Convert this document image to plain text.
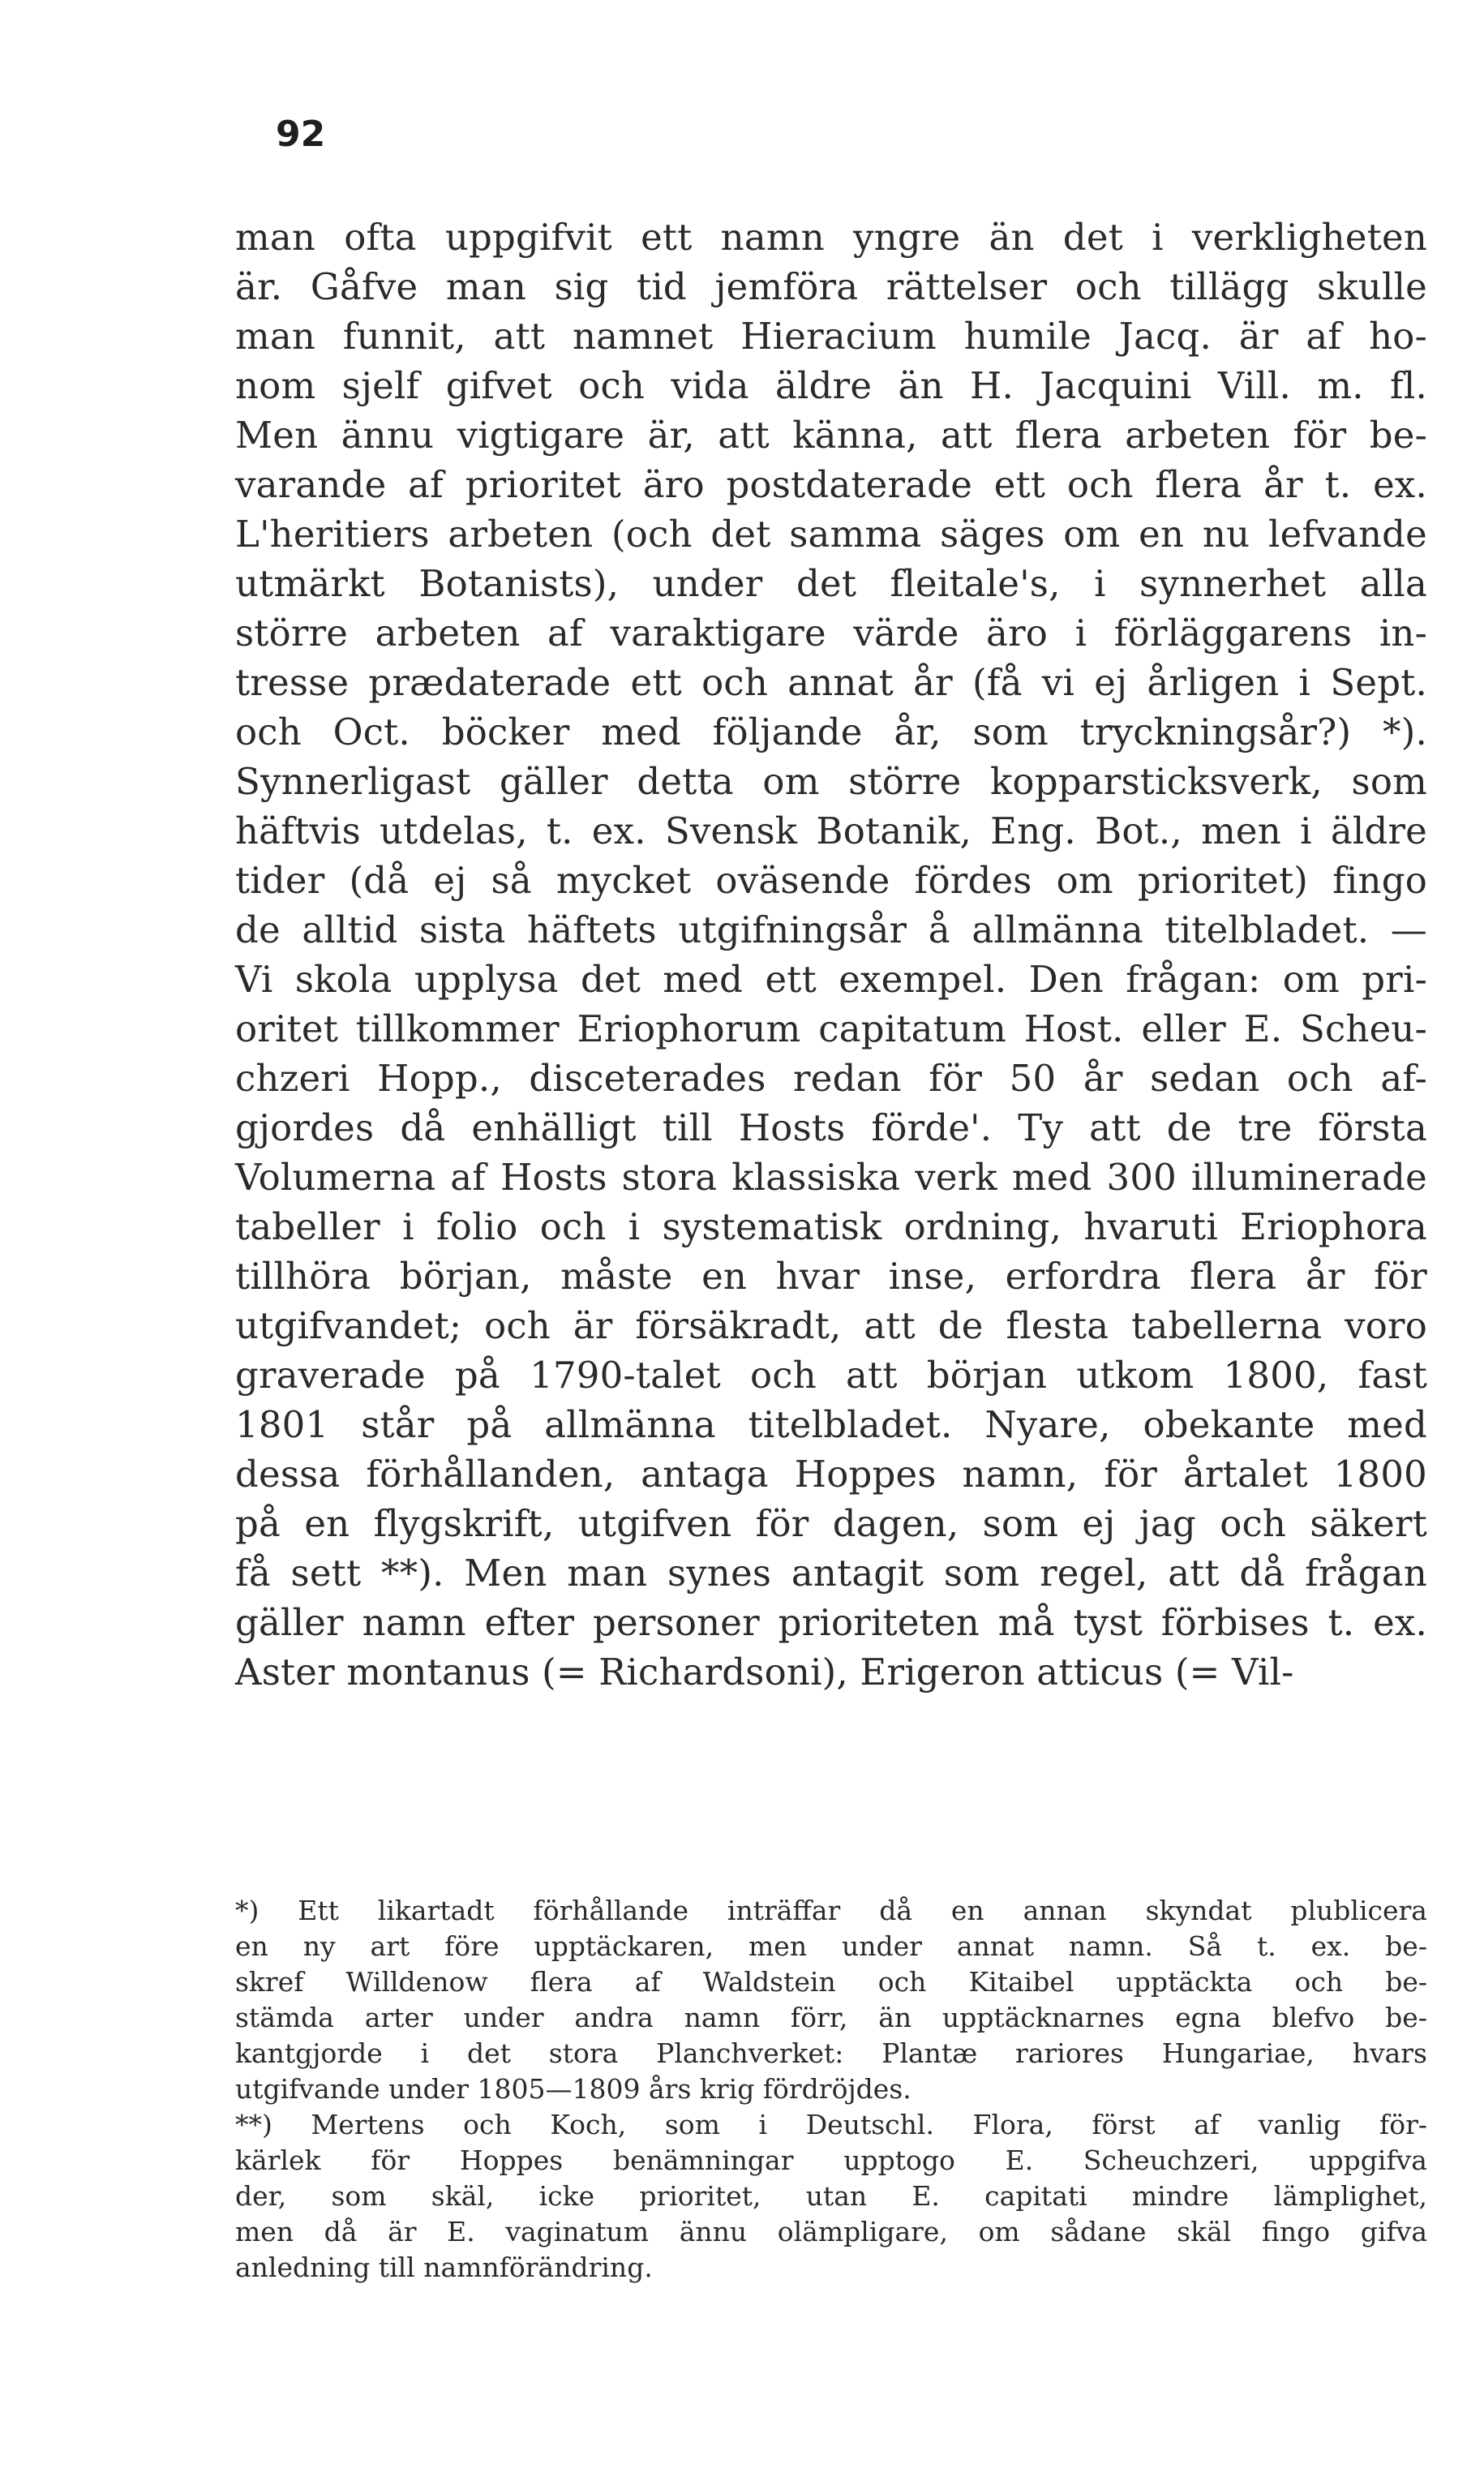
92
man ofta uppgifvit ett namn yngre än det i verkligheten
är. Gåfve man sig tid jemföra rättelser och tillägg skulle
man funnit, att namnet Hieracium humile Jacq. är af ho-
nom sjelf gifvet och vida äldre än H. Jacquini Vill. m. fl.
Men ännu vigtigare är, att känna, att flera arbeten för be-
varande af prioritet äro postdaterade ett och flera år t. ex.
L'heritiers arbeten (och det samma säges om en nu lefvande
utmärkt Botanists), under det fleitale's, i synnerhet alla
större arbeten af varaktigare värde äro i förläggarens in-
tresse prædaterade ett och annat år (få vi ej årligen i Sept.
och Oct. böcker med följande år, som tryckningsår?) *).
Synnerligast gäller detta om större kopparsticksverk, som
häftvis utdelas, t. ex. Svensk Botanik, Eng. Bot., men i äldre
tider (då ej så mycket oväsende fördes om prioritet) fingo
de alltid sista häftets utgifningsår å allmänna titelbladet. —
Vi skola upplysa det med ett exempel. Den frågan: om pri-
oritet tillkommer Eriophorum capitatum Host. eller E. Scheu-
chzeri Hopp., disceterades redan för 50 år sedan och af-
gjordes då enhälligt till Hosts förde'. Ty att de tre första
Volumerna af Hosts stora klassiska verk med 300 illuminerade
tabeller i folio och i systematisk ordning, hvaruti Eriophora
tillhöra början, måste en hvar inse, erfordra flera år för
utgifvandet; och är försäkradt, att de flesta tabellerna voro
graverade på 1790-talet och att början utkom 1800, fast
1801 står på allmänna titelbladet. Nyare, obekante med
dessa förhållanden, antaga Hoppes namn, för årtalet 1800
på en flygskrift, utgifven för dagen, som ej jag och säkert
få sett **). Men man synes antagit som regel, att då frågan
gäller namn efter personer prioriteten må tyst förbises t. ex.
Aster montanus (= Richardsoni), Erigeron atticus (= Vil-
*) Ett likartadt förhållande inträffar då en annan skyndat plublicera
en ny art före upptäckaren, men under annat namn. Så t. ex. be-
skref Willdenow flera af Waldstein och Kitaibel upptäckta och be-
stämda arter under andra namn förr, än upptäcknarnes egna blefvo be-
kantgjorde i det stora Planchverket: Plantæ rariores Hungariae, hvars
utgifvande under 1805—1809 års krig fördröjdes.
**) Mertens och Koch, som i Deutschl. Flora, först af vanlig för-
kärlek för Hoppes benämningar upptogo E. Scheuchzeri, uppgifva
der, som skäl, icke prioritet, utan E. capitati mindre lämplighet,
men då är E. vaginatum ännu olämpligare, om sådane skäl fingo gifva
anledning till namnförändring.
